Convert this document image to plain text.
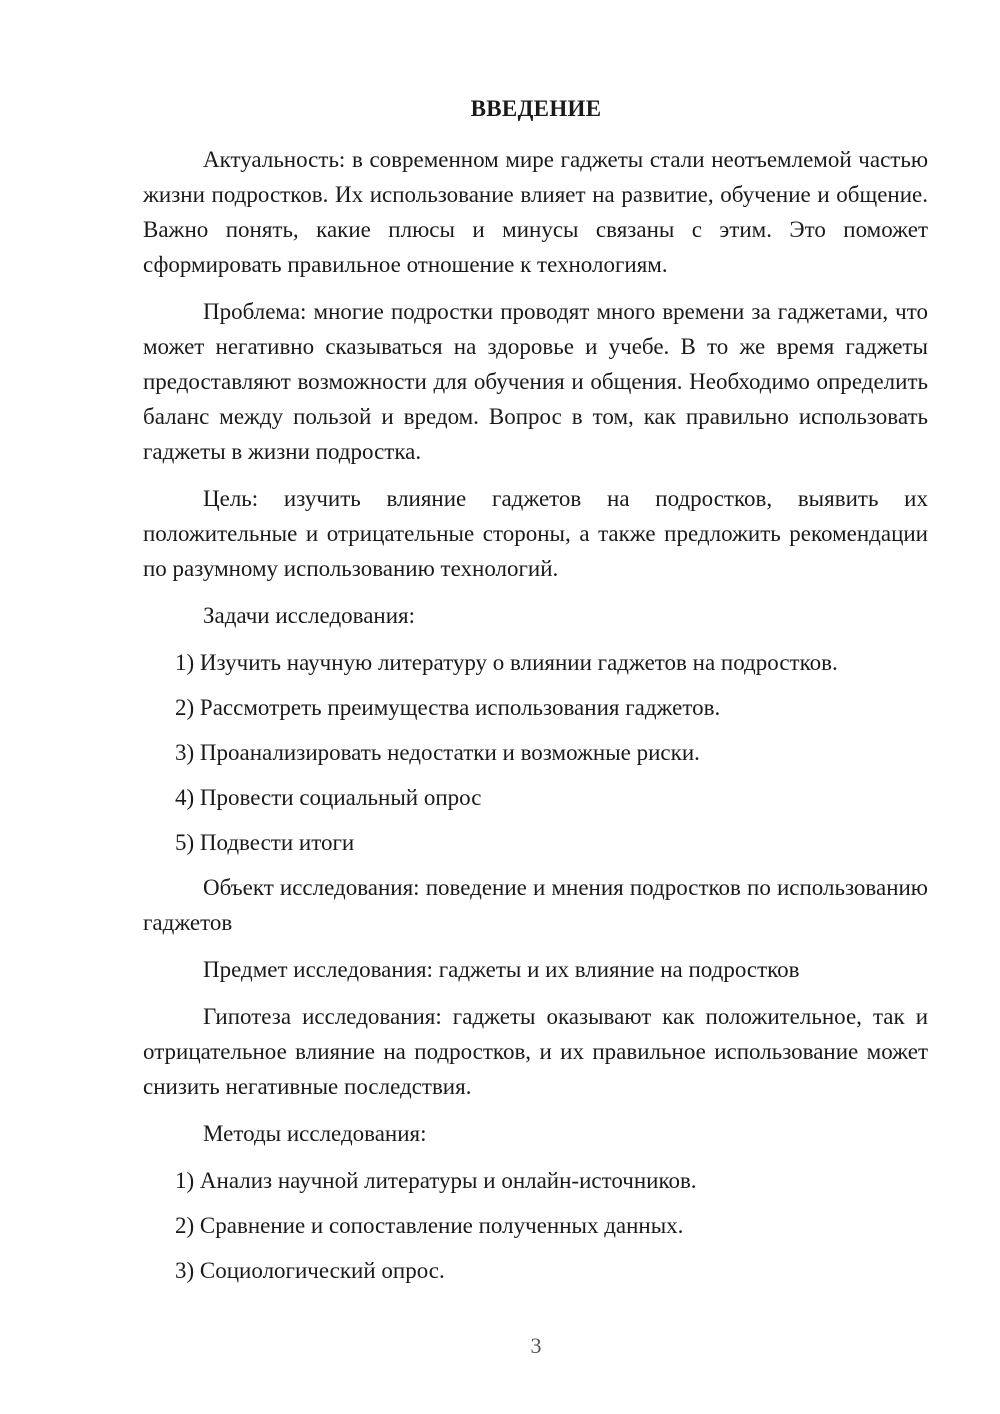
ВВЕДЕНИЕ

Актуальность: в современном мире гаджеты стали неотъемлемой частью жизни подростков. Их использование влияет на развитие, обучение и общение. Важно понять, какие плюсы и минусы связаны с этим. Это поможет сформировать правильное отношение к технологиям.

Проблема: многие подростки проводят много времени за гаджетами, что может негативно сказываться на здоровье и учебе. В то же время гаджеты предоставляют возможности для обучения и общения. Необходимо определить баланс между пользой и вредом. Вопрос в том, как правильно использовать гаджеты в жизни подростка.

Цель: изучить влияние гаджетов на подростков, выявить их положительные и отрицательные стороны, а также предложить рекомендации по разумному использованию технологий.

Задачи исследования:

1) Изучить научную литературу о влиянии гаджетов на подростков.
2) Рассмотреть преимущества использования гаджетов.
3) Проанализировать недостатки и возможные риски.
4) Провести социальный опрос
5) Подвести итоги

Объект исследования: поведение и мнения подростков по использованию гаджетов

Предмет исследования: гаджеты и их влияние на подростков

Гипотеза исследования: гаджеты оказывают как положительное, так и отрицательное влияние на подростков, и их правильное использование может снизить негативные последствия.

Методы исследования:

1) Анализ научной литературы и онлайн-источников.
2) Сравнение и сопоставление полученных данных.
3) Социологический опрос.
3
